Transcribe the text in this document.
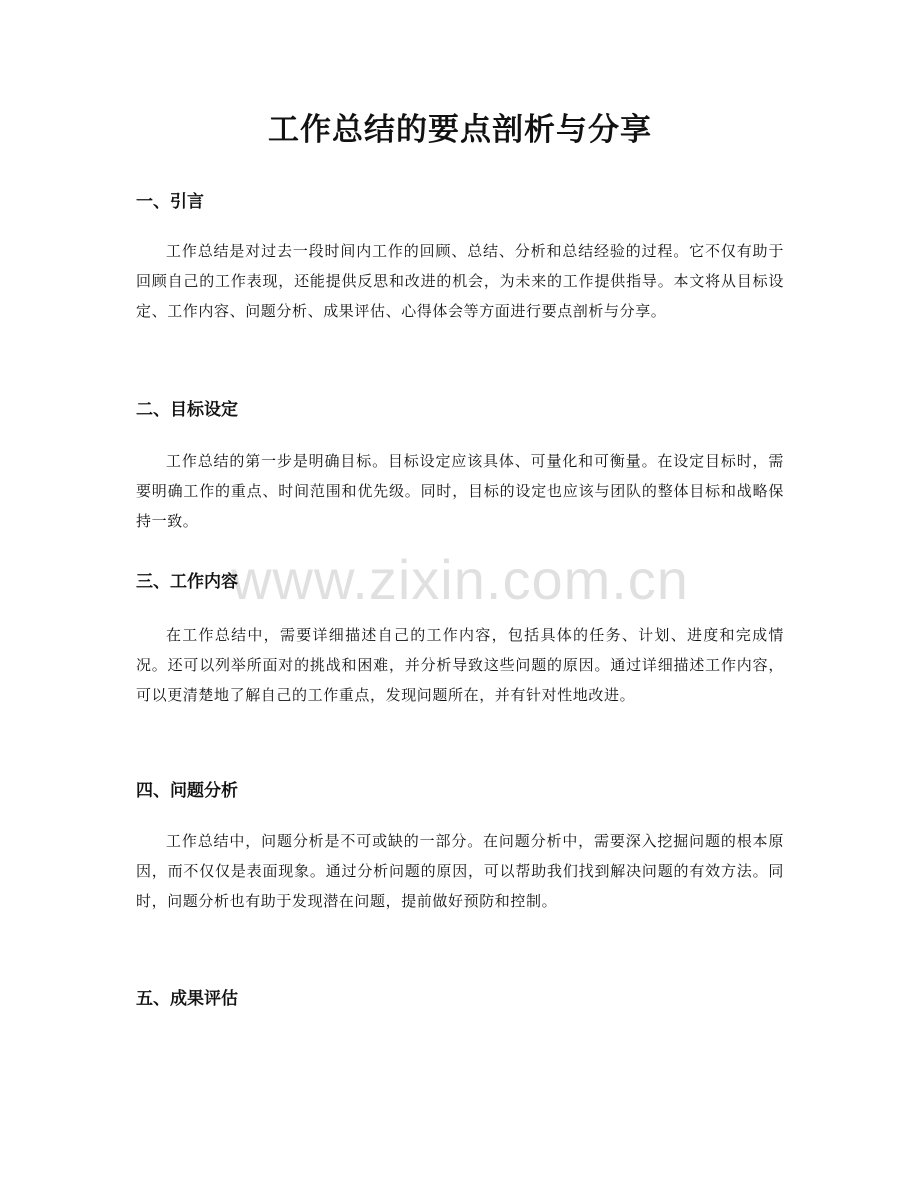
工作总结的要点剖析与分享
一、引言

工作总结是对过去一段时间内工作的回顾、总结、分析和总结经验的过程。它不仅有助于回顾自己的工作表现，还能提供反思和改进的机会，为未来的工作提供指导。本文将从目标设定、工作内容、问题分析、成果评估、心得体会等方面进行要点剖析与分享。

二、目标设定

工作总结的第一步是明确目标。目标设定应该具体、可量化和可衡量。在设定目标时，需要明确工作的重点、时间范围和优先级。同时，目标的设定也应该与团队的整体目标和战略保持一致。

三、工作内容

在工作总结中，需要详细描述自己的工作内容，包括具体的任务、计划、进度和完成情况。还可以列举所面对的挑战和困难，并分析导致这些问题的原因。通过详细描述工作内容，可以更清楚地了解自己的工作重点，发现问题所在，并有针对性地改进。

四、问题分析

工作总结中，问题分析是不可或缺的一部分。在问题分析中，需要深入挖掘问题的根本原因，而不仅仅是表面现象。通过分析问题的原因，可以帮助我们找到解决问题的有效方法。同时，问题分析也有助于发现潜在问题，提前做好预防和控制。

五、成果评估
www.zixin.com.cn
